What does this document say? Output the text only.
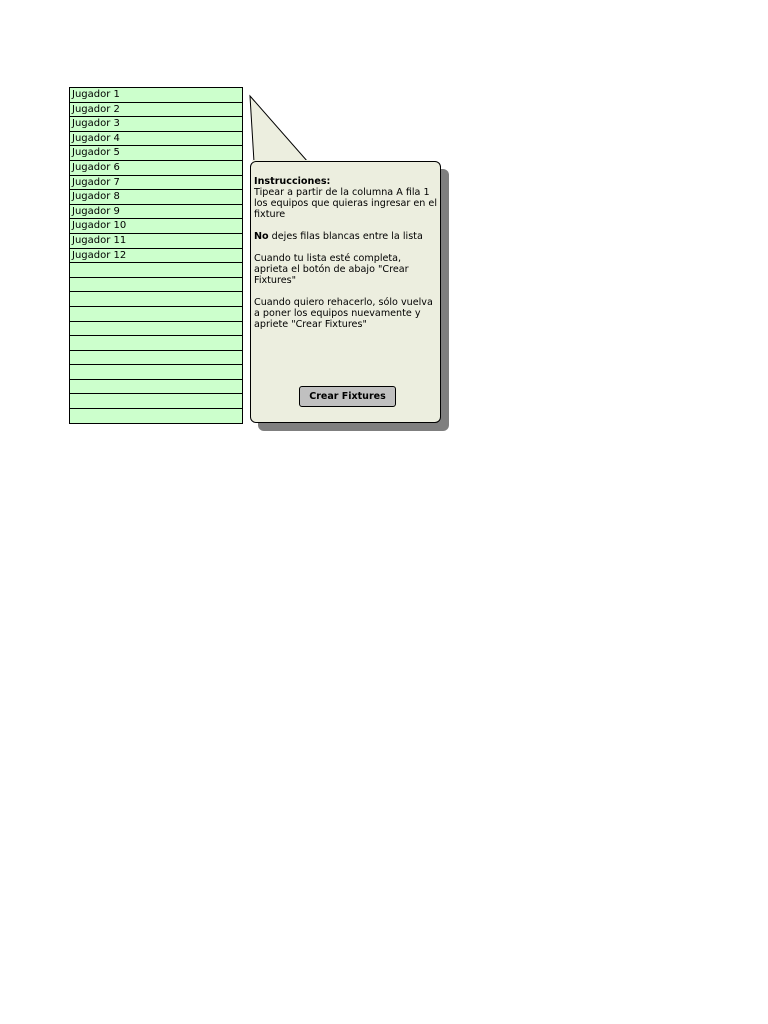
Jugador 1
Jugador 2
Jugador 3
Jugador 4
Jugador 5
Jugador 6
Jugador 7
Jugador 8
Jugador 9
Jugador 10
Jugador 11
Jugador 12

Instrucciones:
Tipear a partir de la columna A fila 1 los equipos que quieras ingresar en el fixture

No dejes filas blancas entre la lista

Cuando tu lista esté completa, aprieta el botón de abajo "Crear Fixtures"

Cuando quiero rehacerlo, sólo vuelva a poner los equipos nuevamente y apriete "Crear Fixtures"

Crear Fixtures
